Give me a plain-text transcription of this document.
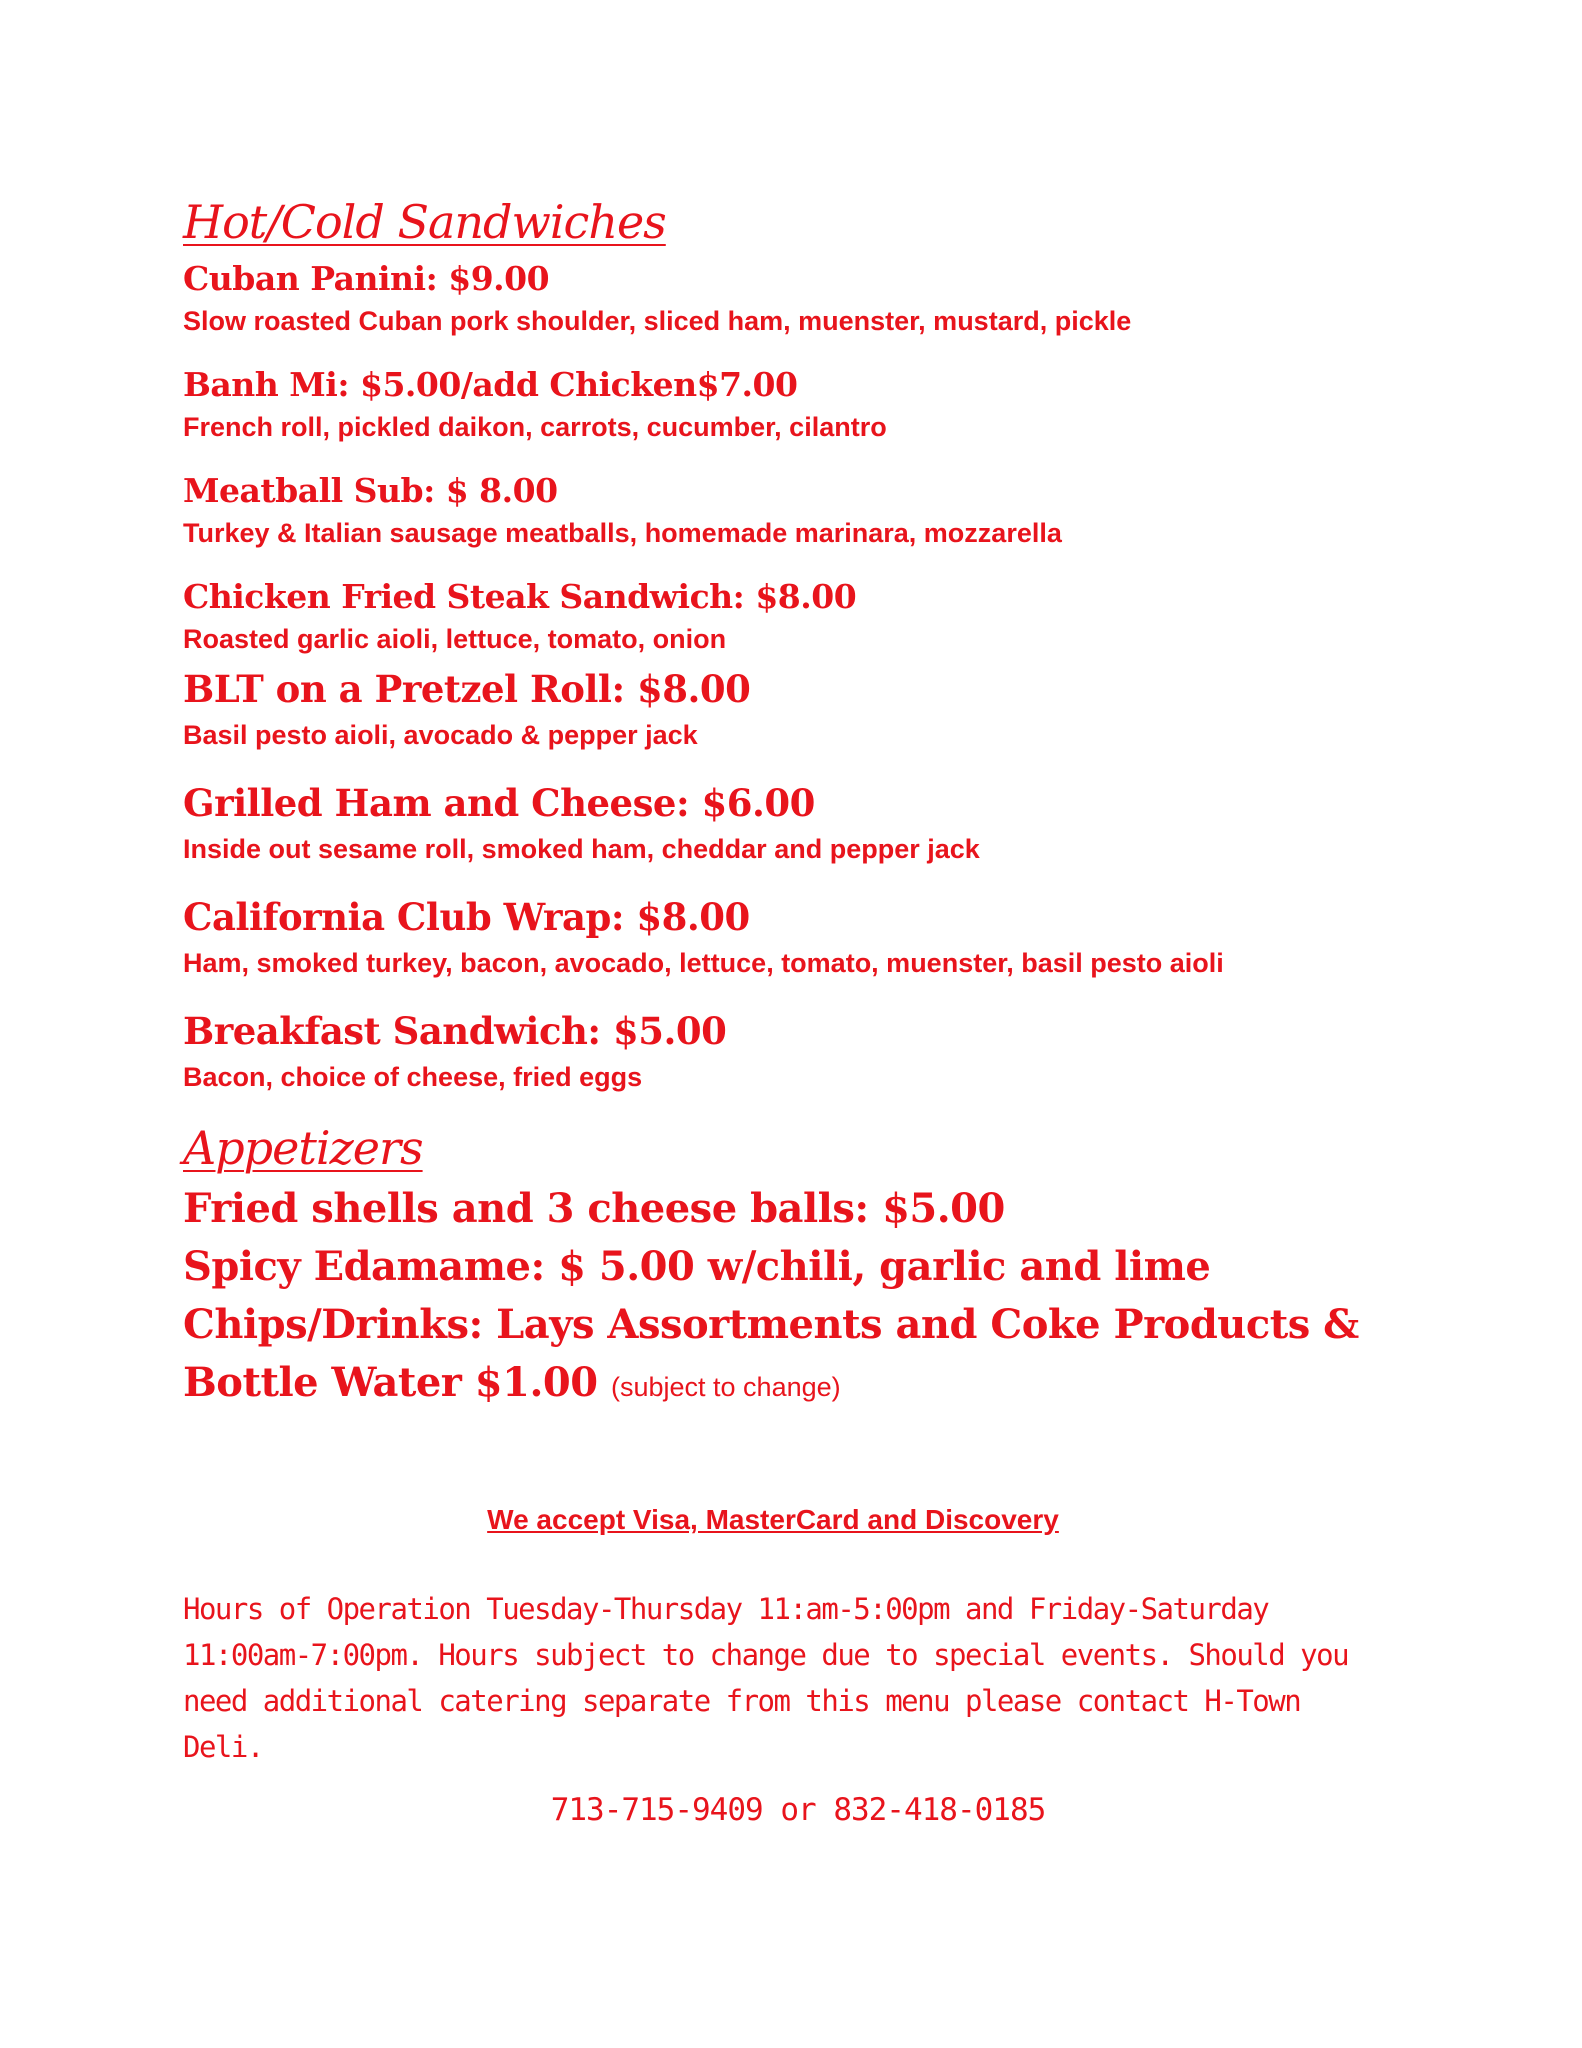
Hot/Cold Sandwiches

Cuban Panini: $9.00

Slow roasted Cuban pork shoulder, sliced ham, muenster, mustard, pickle

Banh Mi: $5.00/add Chicken$7.00

French roll, pickled daikon, carrots, cucumber, cilantro

Meatball Sub: $ 8.00

Turkey & Italian sausage meatballs, homemade marinara, mozzarella

Chicken Fried Steak Sandwich: $8.00

Roasted garlic aioli, lettuce, tomato, onion

BLT on a Pretzel Roll: $8.00

Basil pesto aioli, avocado & pepper jack

Grilled Ham and Cheese: $6.00

Inside out sesame roll, smoked ham, cheddar and pepper jack

California Club Wrap: $8.00

Ham, smoked turkey, bacon, avocado, lettuce, tomato, muenster, basil pesto aioli

Breakfast Sandwich: $5.00

Bacon, choice of cheese, fried eggs

Appetizers

Fried shells and 3 cheese balls: $5.00

Spicy Edamame: $ 5.00 w/chili, garlic and lime

Chips/Drinks: Lays Assortments and Coke Products &

Bottle Water $1.00 (subject to change)

We accept Visa, MasterCard and Discovery

Hours of Operation Tuesday-Thursday 11:am-5:00pm and Friday-Saturday 11:00am-7:00pm. Hours subject to change due to special events. Should you need additional catering separate from this menu please contact H-Town Deli.

713-715-9409 or 832-418-0185
